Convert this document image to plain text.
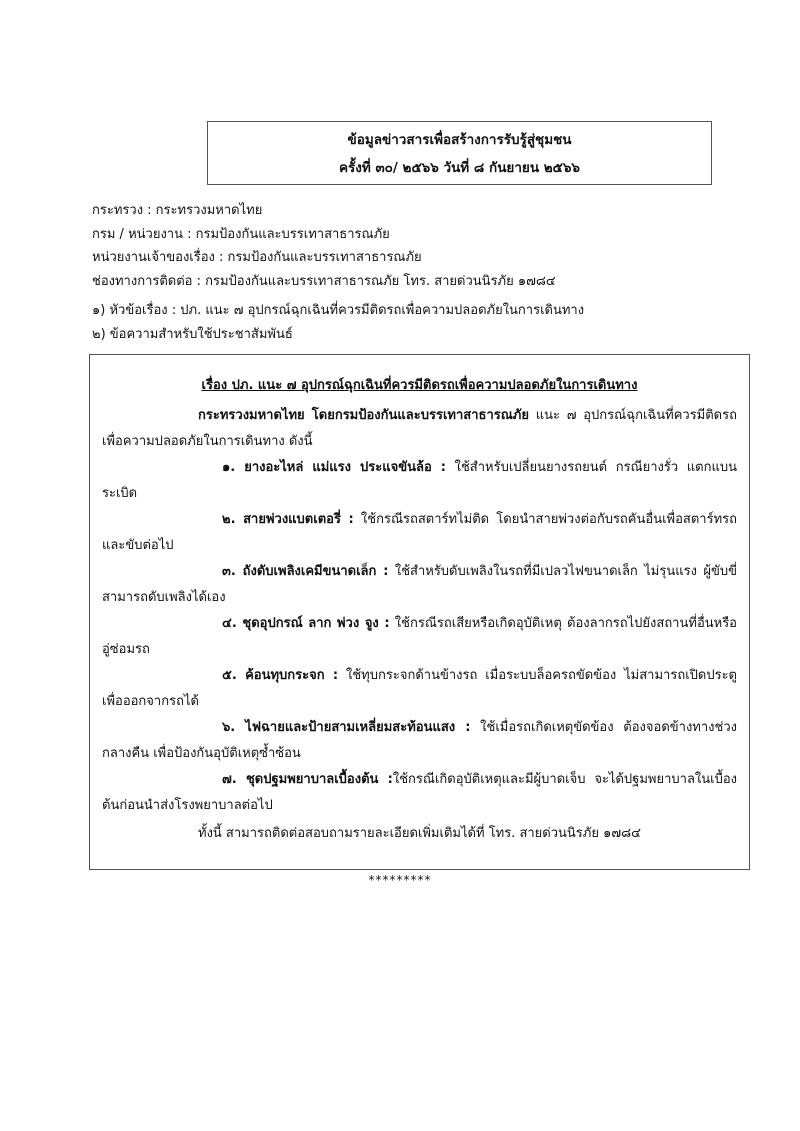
ข้อมูลข่าวสารเพื่อสร้างการรับรู้สู่ชุมชน
ครั้งที่ ๓๐/ ๒๕๖๖ วันที่ ๘ กันยายน ๒๕๖๖
กระทรวง : กระทรวงมหาดไทย
กรม / หน่วยงาน : กรมป้องกันและบรรเทาสาธารณภัย
หน่วยงานเจ้าของเรื่อง : กรมป้องกันและบรรเทาสาธารณภัย
ช่องทางการติดต่อ : กรมป้องกันและบรรเทาสาธารณภัย โทร. สายด่วนนิรภัย ๑๗๘๔
๑) หัวข้อเรื่อง : ปภ. แนะ ๗ อุปกรณ์ฉุกเฉินที่ควรมีติดรถเพื่อความปลอดภัยในการเดินทาง
๒) ข้อความสำหรับใช้ประชาสัมพันธ์
เรื่อง ปภ. แนะ ๗ อุปกรณ์ฉุกเฉินที่ควรมีติดรถเพื่อความปลอดภัยในการเดินทาง
กระทรวงมหาดไทย โดยกรมป้องกันและบรรเทาสาธารณภัย แนะ ๗ อุปกรณ์ฉุกเฉินที่ควรมีติดรถเพื่อความปลอดภัยในการเดินทาง ดังนี้
๑. ยางอะไหล่ แม่แรง ประแจขันล้อ : ใช้สำหรับเปลี่ยนยางรถยนต์ กรณียางรั่ว แตกแบนระเบิด
๒. สายพ่วงแบตเตอรี่ : ใช้กรณีรถสตาร์ทไม่ติด โดยนำสายพ่วงต่อกับรถคันอื่นเพื่อสตาร์ทรถและขับต่อไป
๓. ถังดับเพลิงเคมีขนาดเล็ก : ใช้สำหรับดับเพลิงในรถที่มีเปลวไฟขนาดเล็ก ไม่รุนแรง ผู้ขับขี่สามารถดับเพลิงได้เอง
๔. ชุดอุปกรณ์ ลาก พ่วง จูง : ใช้กรณีรถเสียหรือเกิดอุบัติเหตุ ต้องลากรถไปยังสถานที่อื่นหรืออู่ซ่อมรถ
๕. ค้อนทุบกระจก : ใช้ทุบกระจกด้านข้างรถ เมื่อระบบล็อครถขัดข้อง ไม่สามารถเปิดประตูเพื่อออกจากรถได้
๖. ไฟฉายและป้ายสามเหลี่ยมสะท้อนแสง : ใช้เมื่อรถเกิดเหตุขัดข้อง ต้องจอดข้างทางช่วงกลางคืน เพื่อป้องกันอุบัติเหตุซ้ำซ้อน
๗. ชุดปฐมพยาบาลเบื้องต้น :ใช้กรณีเกิดอุบัติเหตุและมีผู้บาดเจ็บ จะได้ปฐมพยาบาลในเบื้องต้นก่อนนำส่งโรงพยาบาลต่อไป
ทั้งนี้ สามารถติดต่อสอบถามรายละเอียดเพิ่มเติมได้ที่ โทร. สายด่วนนิรภัย ๑๗๘๔
*********
